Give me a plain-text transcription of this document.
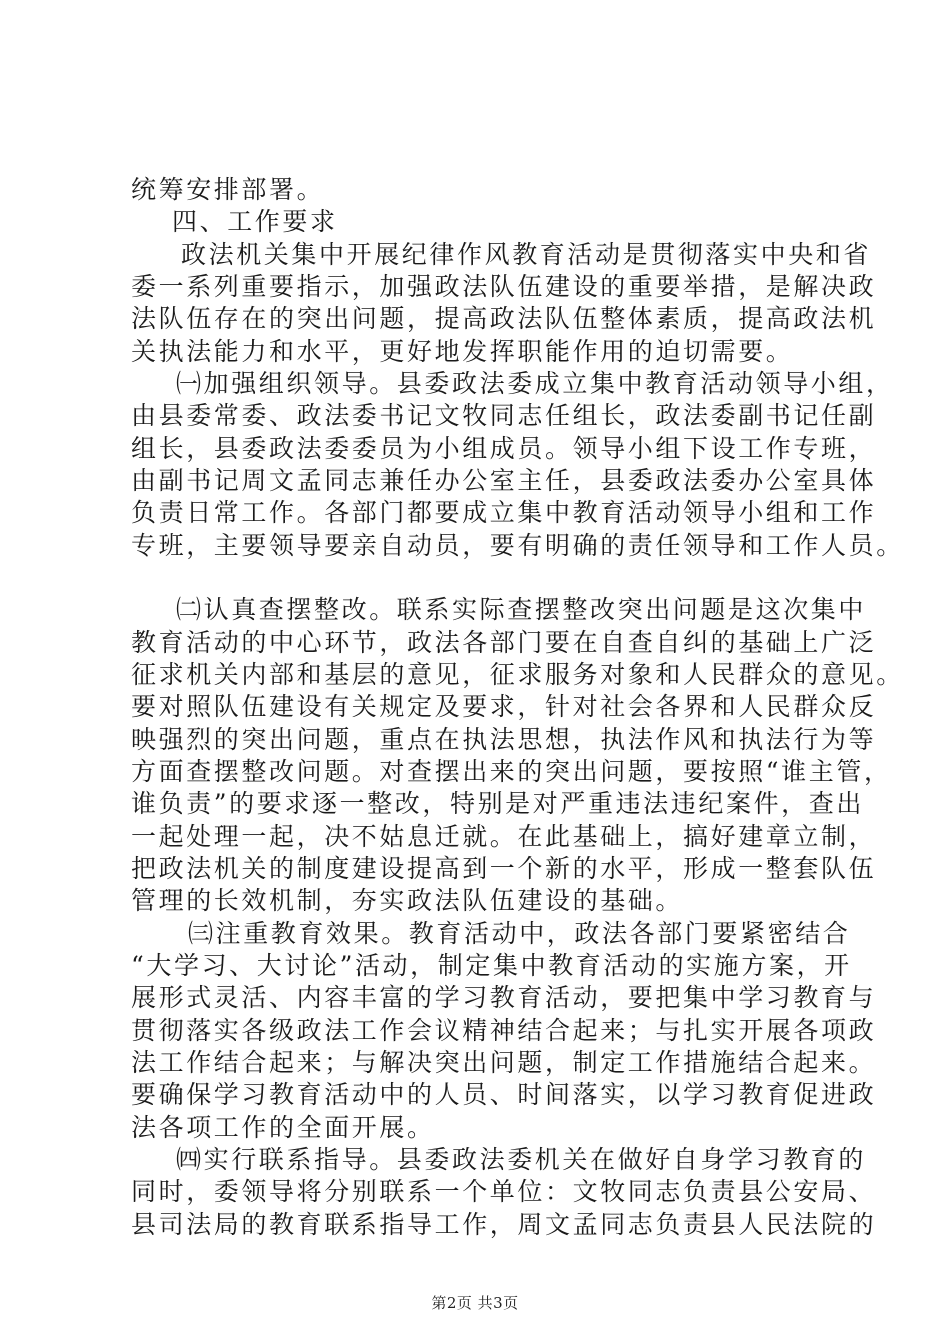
统筹安排部署。
四、工作要求
政法机关集中开展纪律作风教育活动是贯彻落实中央和省
委一系列重要指示，加强政法队伍建设的重要举措，是解决政
法队伍存在的突出问题，提高政法队伍整体素质，提高政法机
关执法能力和水平，更好地发挥职能作用的迫切需要。
㈠加强组织领导。县委政法委成立集中教育活动领导小组，
由县委常委、政法委书记文牧同志任组长，政法委副书记任副
组长，县委政法委委员为小组成员。领导小组下设工作专班，
由副书记周文孟同志兼任办公室主任，县委政法委办公室具体
负责日常工作。各部门都要成立集中教育活动领导小组和工作
专班，主要领导要亲自动员，要有明确的责任领导和工作人员。
㈡认真查摆整改。联系实际查摆整改突出问题是这次集中
教育活动的中心环节，政法各部门要在自查自纠的基础上广泛
征求机关内部和基层的意见，征求服务对象和人民群众的意见。
要对照队伍建设有关规定及要求，针对社会各界和人民群众反
映强烈的突出问题，重点在执法思想，执法作风和执法行为等
方面查摆整改问题。对查摆出来的突出问题，要按照“谁主管，
谁负责”的要求逐一整改，特别是对严重违法违纪案件，查出
一起处理一起，决不姑息迁就。在此基础上，搞好建章立制，
把政法机关的制度建设提高到一个新的水平，形成一整套队伍
管理的长效机制，夯实政法队伍建设的基础。
㈢注重教育效果。教育活动中，政法各部门要紧密结合
“大学习、大讨论”活动，制定集中教育活动的实施方案，开
展形式灵活、内容丰富的学习教育活动，要把集中学习教育与
贯彻落实各级政法工作会议精神结合起来；与扎实开展各项政
法工作结合起来；与解决突出问题，制定工作措施结合起来。
要确保学习教育活动中的人员、时间落实，以学习教育促进政
法各项工作的全面开展。
㈣实行联系指导。县委政法委机关在做好自身学习教育的
同时，委领导将分别联系一个单位：文牧同志负责县公安局、
县司法局的教育联系指导工作，周文孟同志负责县人民法院的
第2页 共3页
